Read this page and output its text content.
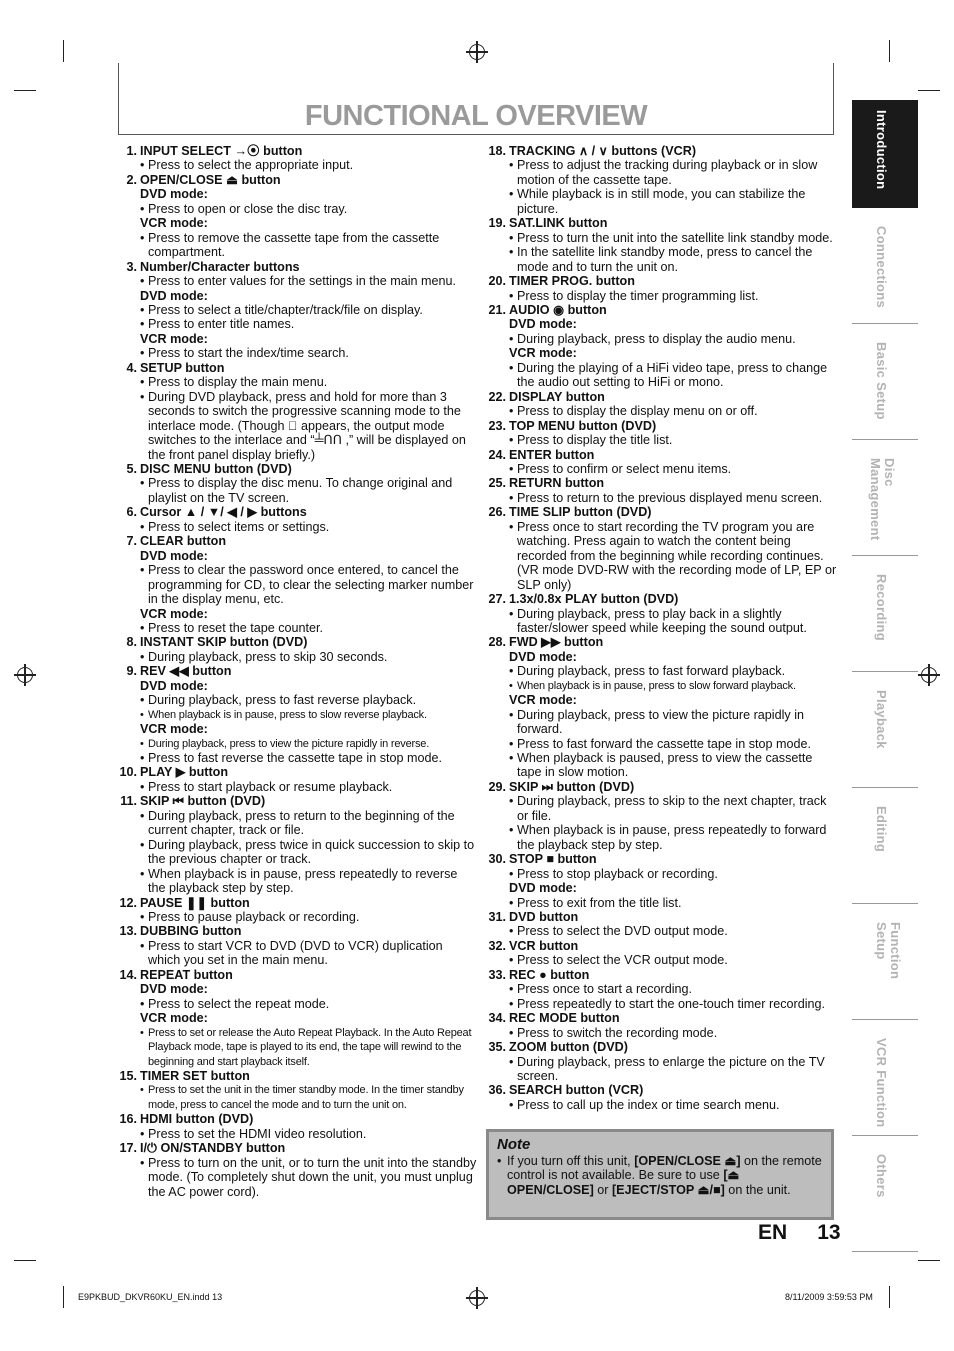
FUNCTIONAL OVERVIEW
1. INPUT SELECT →⦿ button
• Press to select the appropriate input.
2. OPEN/CLOSE ⏏ button
DVD mode:
• Press to open or close the disc tray.
VCR mode:
• Press to remove the cassette tape from the cassette compartment.
3. Number/Character buttons
• Press to enter values for the settings in the main menu.
DVD mode:
• Press to select a title/chapter/track/file on display.
• Press to enter title names.
VCR mode:
• Press to start the index/time search.
4. SETUP button
• Press to display the main menu.
• During DVD playback, press and hold for more than 3 seconds to switch the progressive scanning mode to the interlace mode. (Though ⃠ appears, the output mode switches to the interlace and “╧ՈՈ ,” will be displayed on the front panel display briefly.)
5. DISC MENU button (DVD)
• Press to display the disc menu. To change original and playlist on the TV screen.
6. Cursor ▲ / ▼/ ◀ / ▶ buttons
• Press to select items or settings.
7. CLEAR button
DVD mode:
• Press to clear the password once entered, to cancel the programming for CD, to clear the selecting marker number in the display menu, etc.
VCR mode:
• Press to reset the tape counter.
8. INSTANT SKIP button (DVD)
• During playback, press to skip 30 seconds.
9. REV ◀◀ button
DVD mode:
• During playback, press to fast reverse playback.
• When playback is in pause, press to slow reverse playback.
VCR mode:
• During playback, press to view the picture rapidly in reverse.
• Press to fast reverse the cassette tape in stop mode.
10. PLAY ▶ button
• Press to start playback or resume playback.
11. SKIP ⏮ button (DVD)
• During playback, press to return to the beginning of the current chapter, track or file.
• During playback, press twice in quick succession to skip to the previous chapter or track.
• When playback is in pause, press repeatedly to reverse the playback step by step.
12. PAUSE ❚❚ button
• Press to pause playback or recording.
13. DUBBING button
• Press to start VCR to DVD (DVD to VCR) duplication which you set in the main menu.
14. REPEAT button
DVD mode:
• Press to select the repeat mode.
VCR mode:
• Press to set or release the Auto Repeat Playback. In the Auto Repeat Playback mode, tape is played to its end, the tape will rewind to the beginning and start playback itself.
15. TIMER SET button
• Press to set the unit in the timer standby mode. In the timer standby mode, press to cancel the mode and to turn the unit on.
16. HDMI button (DVD)
• Press to set the HDMI video resolution.
17. I/⏻ ON/STANDBY button
• Press to turn on the unit, or to turn the unit into the standby mode. (To completely shut down the unit, you must unplug the AC power cord).
18. TRACKING ∧ / ∨ buttons (VCR)
• Press to adjust the tracking during playback or in slow motion of the cassette tape.
• While playback is in still mode, you can stabilize the picture.
19. SAT.LINK button
• Press to turn the unit into the satellite link standby mode.
• In the satellite link standby mode, press to cancel the mode and to turn the unit on.
20. TIMER PROG. button
• Press to display the timer programming list.
21. AUDIO ◉ button
DVD mode:
• During playback, press to display the audio menu.
VCR mode:
• During the playing of a HiFi video tape, press to change the audio out setting to HiFi or mono.
22. DISPLAY button
• Press to display the display menu on or off.
23. TOP MENU button (DVD)
• Press to display the title list.
24. ENTER button
• Press to confirm or select menu items.
25. RETURN button
• Press to return to the previous displayed menu screen.
26. TIME SLIP button (DVD)
• Press once to start recording the TV program you are watching. Press again to watch the content being recorded from the beginning while recording continues. (VR mode DVD-RW with the recording mode of LP, EP or SLP only)
27. 1.3x/0.8x PLAY button (DVD)
• During playback, press to play back in a slightly faster/slower speed while keeping the sound output.
28. FWD ▶▶ button
DVD mode:
• During playback, press to fast forward playback.
• When playback is in pause, press to slow forward playback.
VCR mode:
• During playback, press to view the picture rapidly in forward.
• Press to fast forward the cassette tape in stop mode.
• When playback is paused, press to view the cassette tape in slow motion.
29. SKIP ⏭ button (DVD)
• During playback, press to skip to the next chapter, track or file.
• When playback is in pause, press repeatedly to forward the playback step by step.
30. STOP ■ button
• Press to stop playback or recording.
DVD mode:
• Press to exit from the title list.
31. DVD button
• Press to select the DVD output mode.
32. VCR button
• Press to select the VCR output mode.
33. REC ● button
• Press once to start a recording.
• Press repeatedly to start the one-touch timer recording.
34. REC MODE button
• Press to switch the recording mode.
35. ZOOM button (DVD)
• During playback, press to enlarge the picture on the TV screen.
36. SEARCH button (VCR)
• Press to call up the index or time search menu.
Note
• If you turn off this unit, [OPEN/CLOSE ⏏] on the remote control is not available. Be sure to use [⏏ OPEN/CLOSE] or [EJECT/STOP ⏏/■] on the unit.
Introduction
Connections
Basic Setup
Disc Management
Recording
Playback
Editing
Function Setup
VCR Function
Others
EN 13
E9PKBUD_DKVR60KU_EN.indd 13	8/11/2009 3:59:53 PM
